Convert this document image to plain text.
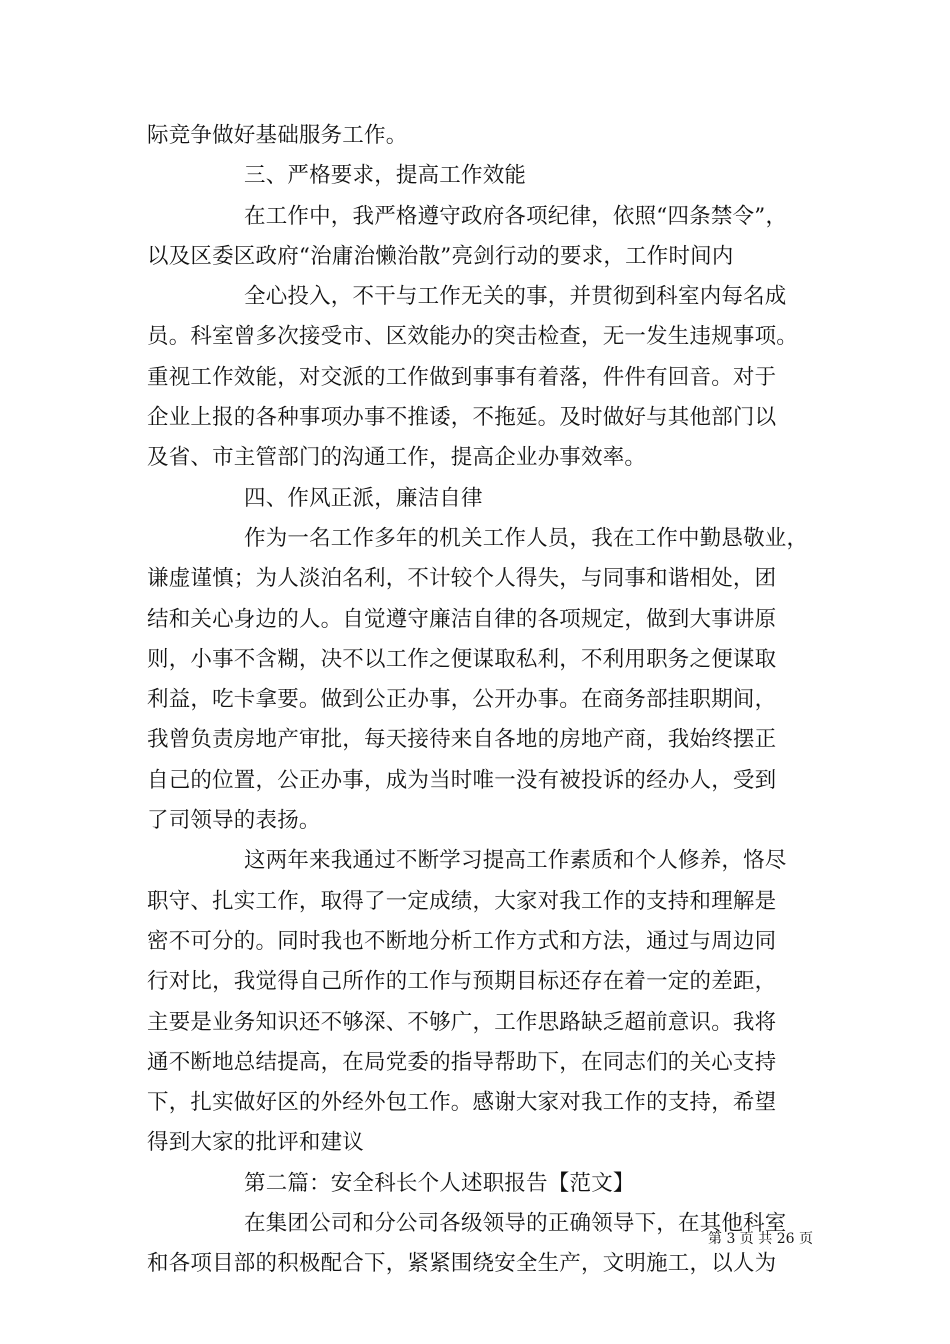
际竞争做好基础服务工作。
三、严格要求，提高工作效能
在工作中，我严格遵守政府各项纪律，依照“四条禁令”，
以及区委区政府“治庸治懒治散”亮剑行动的要求，工作时间内
全心投入，不干与工作无关的事，并贯彻到科室内每名成
员。科室曾多次接受市、区效能办的突击检查，无一发生违规事项。
重视工作效能，对交派的工作做到事事有着落，件件有回音。对于
企业上报的各种事项办事不推诿，不拖延。及时做好与其他部门以
及省、市主管部门的沟通工作，提高企业办事效率。
四、作风正派，廉洁自律
作为一名工作多年的机关工作人员，我在工作中勤恳敬业，
谦虚谨慎；为人淡泊名利，不计较个人得失，与同事和谐相处，团
结和关心身边的人。自觉遵守廉洁自律的各项规定，做到大事讲原
则，小事不含糊，决不以工作之便谋取私利，不利用职务之便谋取
利益，吃卡拿要。做到公正办事，公开办事。在商务部挂职期间，
我曾负责房地产审批，每天接待来自各地的房地产商，我始终摆正
自己的位置，公正办事，成为当时唯一没有被投诉的经办人，受到
了司领导的表扬。
这两年来我通过不断学习提高工作素质和个人修养，恪尽
职守、扎实工作，取得了一定成绩，大家对我工作的支持和理解是
密不可分的。同时我也不断地分析工作方式和方法，通过与周边同
行对比，我觉得自己所作的工作与预期目标还存在着一定的差距，
主要是业务知识还不够深、不够广，工作思路缺乏超前意识。我将
通不断地总结提高，在局党委的指导帮助下，在同志们的关心支持
下，扎实做好区的外经外包工作。感谢大家对我工作的支持，希望
得到大家的批评和建议
第二篇：安全科长个人述职报告【范文】
在集团公司和分公司各级领导的正确领导下，在其他科室
和各项目部的积极配合下，紧紧围绕安全生产，文明施工，以人为
第 3 页 共 26 页
